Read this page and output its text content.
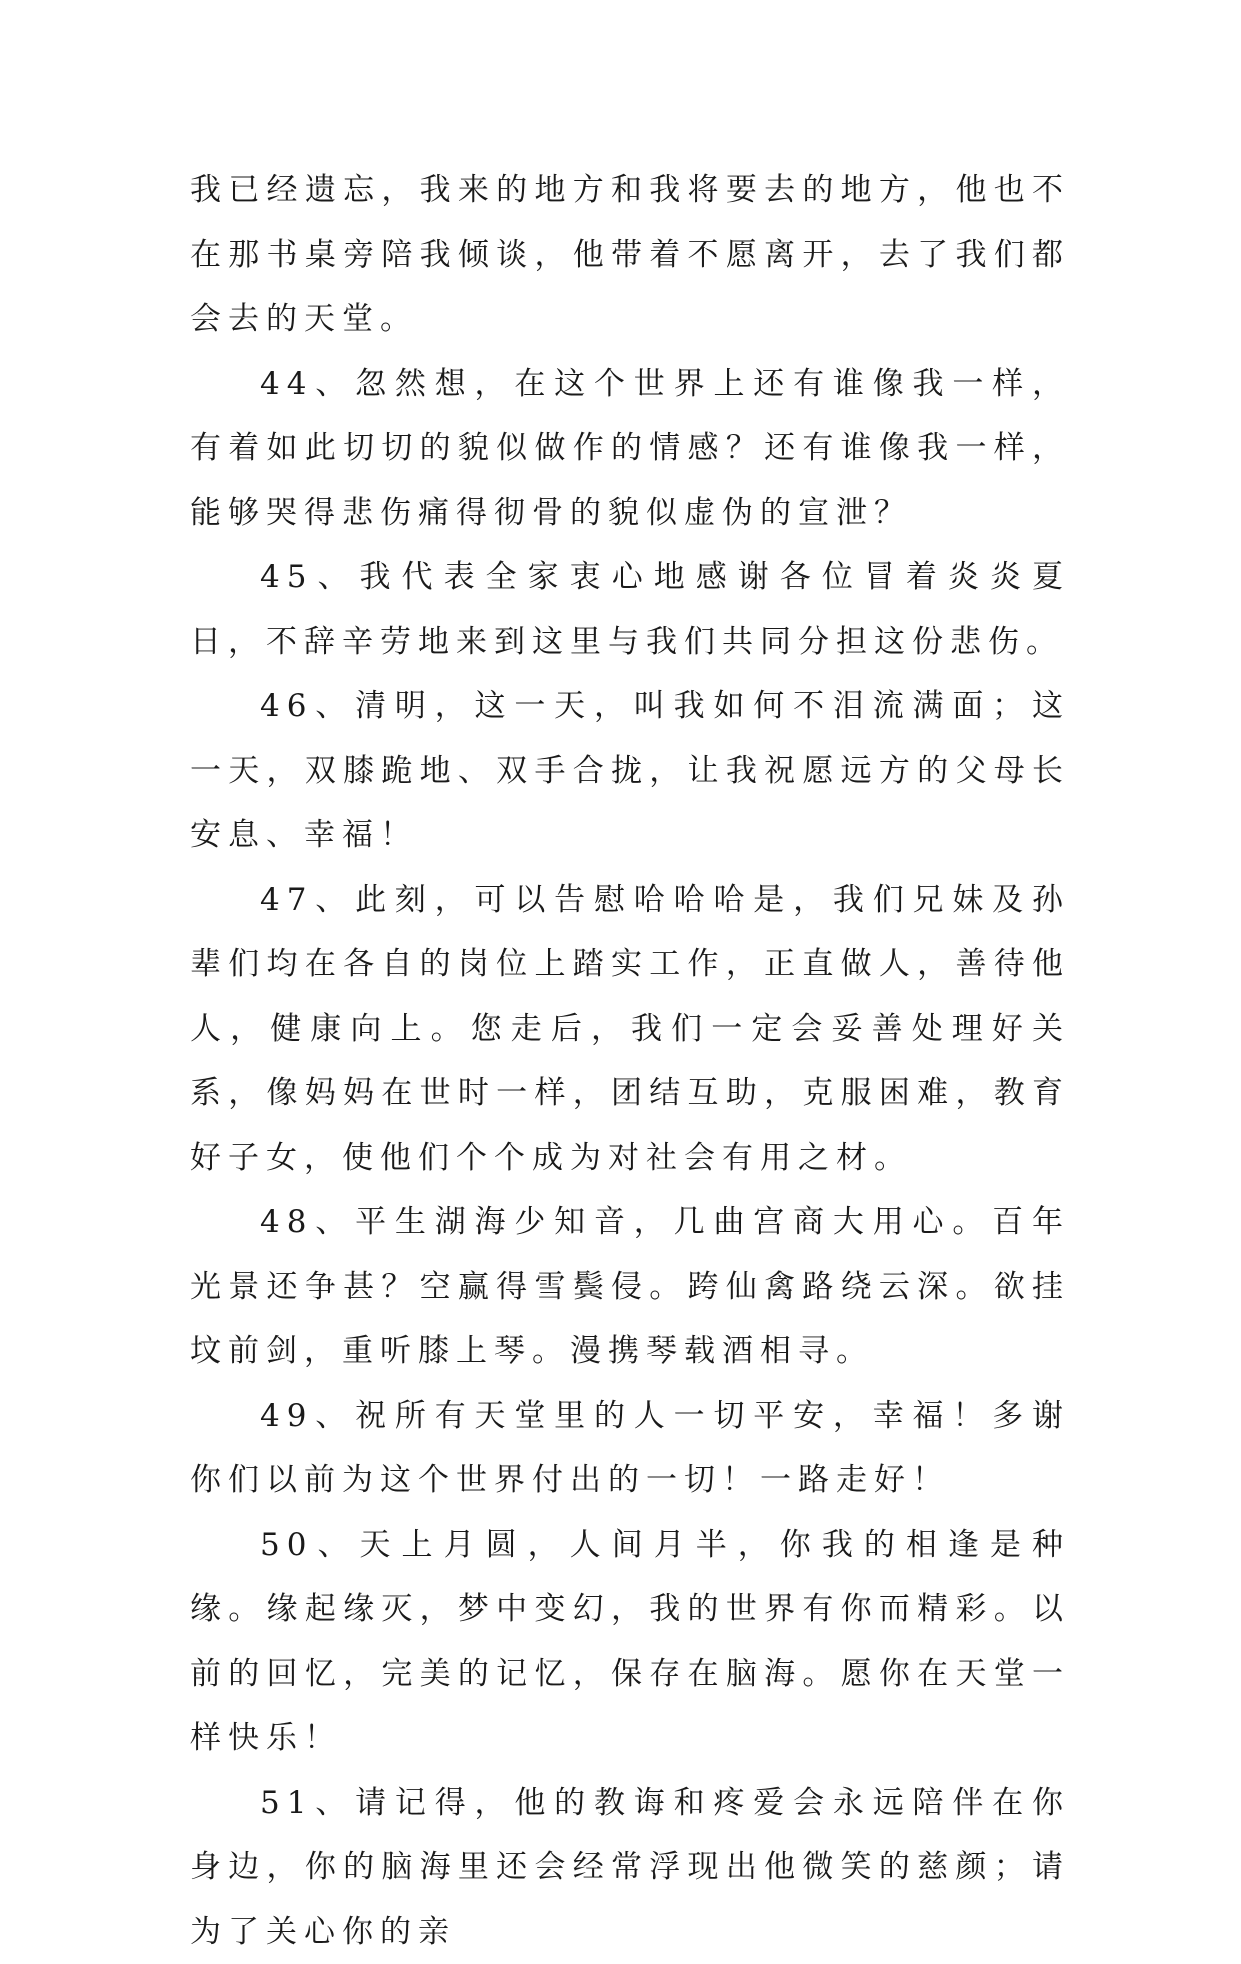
我已经遗忘，我来的地方和我将要去的地方，他也不在那书桌旁陪我倾谈，他带着不愿离开，去了我们都会去的天堂。

44、忽然想，在这个世界上还有谁像我一样，有着如此切切的貌似做作的情感？还有谁像我一样，能够哭得悲伤痛得彻骨的貌似虚伪的宣泄？

45、我代表全家衷心地感谢各位冒着炎炎夏日，不辞辛劳地来到这里与我们共同分担这份悲伤。

46、清明，这一天，叫我如何不泪流满面；这一天，双膝跪地、双手合拢，让我祝愿远方的父母长安息、幸福！

47、此刻，可以告慰哈哈哈是，我们兄妹及孙辈们均在各自的岗位上踏实工作，正直做人，善待他人，健康向上。您走后，我们一定会妥善处理好关系，像妈妈在世时一样，团结互助，克服困难，教育好子女，使他们个个成为对社会有用之材。

48、平生湖海少知音，几曲宫商大用心。百年光景还争甚？空赢得雪鬓侵。跨仙禽路绕云深。欲挂坟前剑，重听膝上琴。漫携琴载酒相寻。

49、祝所有天堂里的人一切平安，幸福！多谢你们以前为这个世界付出的一切！一路走好！

50、天上月圆，人间月半，你我的相逢是种缘。缘起缘灭，梦中变幻，我的世界有你而精彩。以前的回忆，完美的记忆，保存在脑海。愿你在天堂一样快乐！

51、请记得，他的教诲和疼爱会永远陪伴在你身边，你的脑海里还会经常浮现出他微笑的慈颜；请为了关心你的亲
